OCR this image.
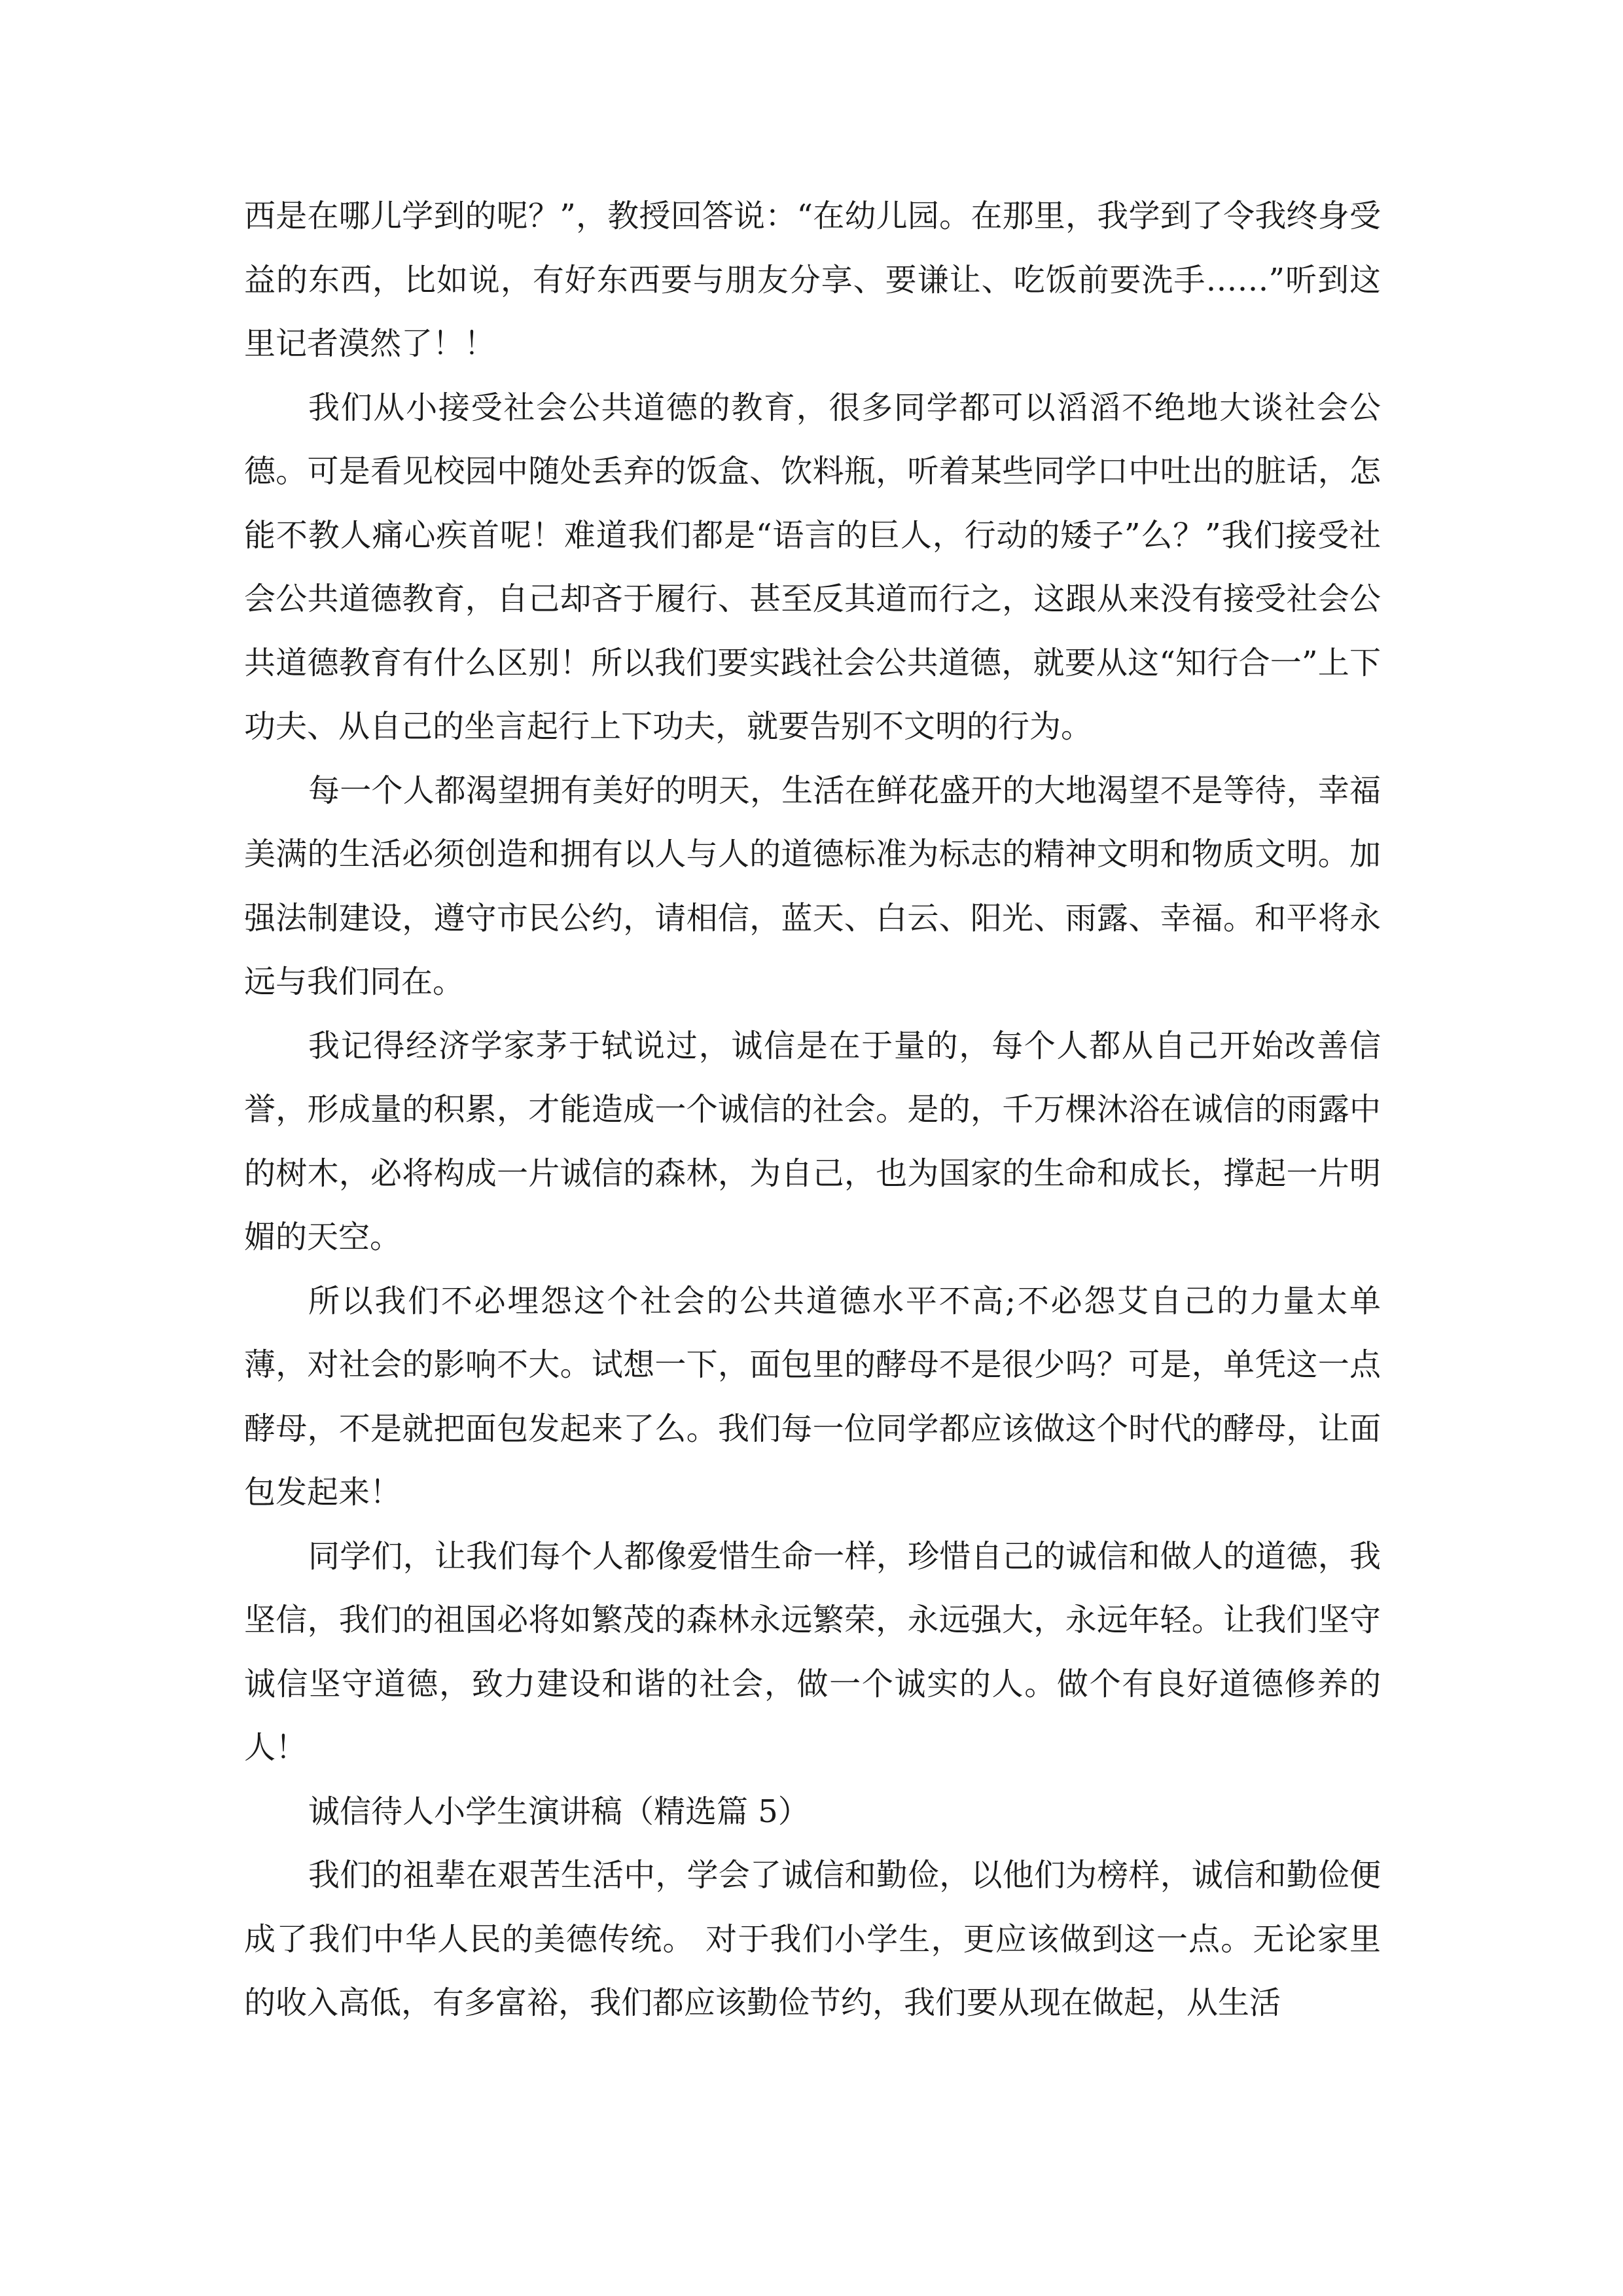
西是在哪儿学到的呢？”，教授回答说：“在幼儿园。在那里，我学到了令我终身受益的东西，比如说，有好东西要与朋友分享、要谦让、吃饭前要洗手……”听到这里记者漠然了！！

我们从小接受社会公共道德的教育，很多同学都可以滔滔不绝地大谈社会公德。可是看见校园中随处丢弃的饭盒、饮料瓶，听着某些同学口中吐出的脏话，怎能不教人痛心疾首呢！难道我们都是“语言的巨人，行动的矮子”么？”我们接受社会公共道德教育，自己却吝于履行、甚至反其道而行之，这跟从来没有接受社会公共道德教育有什么区别！所以我们要实践社会公共道德，就要从这“知行合一”上下功夫、从自己的坐言起行上下功夫，就要告别不文明的行为。

每一个人都渴望拥有美好的明天，生活在鲜花盛开的大地渴望不是等待，幸福美满的生活必须创造和拥有以人与人的道德标准为标志的精神文明和物质文明。加强法制建设，遵守市民公约，请相信，蓝天、白云、阳光、雨露、幸福。和平将永远与我们同在。

我记得经济学家茅于轼说过，诚信是在于量的，每个人都从自己开始改善信誉，形成量的积累，才能造成一个诚信的社会。是的，千万棵沐浴在诚信的雨露中的树木，必将构成一片诚信的森林，为自己，也为国家的生命和成长，撑起一片明媚的天空。

所以我们不必埋怨这个社会的公共道德水平不高;不必怨艾自己的力量太单薄，对社会的影响不大。试想一下，面包里的酵母不是很少吗？可是，单凭这一点酵母，不是就把面包发起来了么。我们每一位同学都应该做这个时代的酵母，让面包发起来！

同学们，让我们每个人都像爱惜生命一样，珍惜自己的诚信和做人的道德，我坚信，我们的祖国必将如繁茂的森林永远繁荣，永远强大，永远年轻。让我们坚守诚信坚守道德，致力建设和谐的社会，做一个诚实的人。做个有良好道德修养的人！

诚信待人小学生演讲稿（精选篇 5）

我们的祖辈在艰苦生活中，学会了诚信和勤俭，以他们为榜样，诚信和勤俭便成了我们中华人民的美德传统。 对于我们小学生，更应该做到这一点。无论家里的收入高低，有多富裕，我们都应该勤俭节约，我们要从现在做起，从生活
